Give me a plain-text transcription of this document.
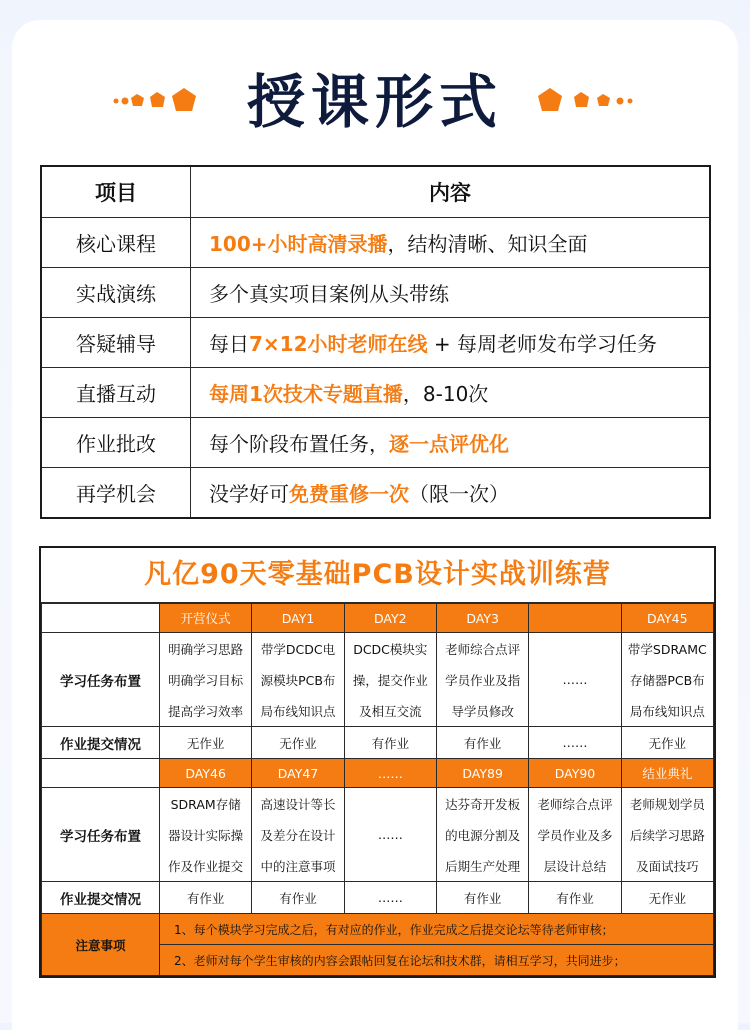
授课形式
项目	内容
核心课程	100+小时高清录播，结构清晰、知识全面
实战演练	多个真实项目案例从头带练
答疑辅导	每日7×12小时老师在线 + 每周老师发布学习任务
直播互动	每周1次技术专题直播，8-10次
作业批改	每个阶段布置任务，逐一点评优化
再学机会	没学好可免费重修一次（限一次）
凡亿90天零基础PCB设计实战训练营
	开营仪式	DAY1	DAY2	DAY3		DAY45
学习任务布置	明确学习思路	带学DCDC电	DCDC模块实	老师综合点评	……	带学SDRAMC
	明确学习目标	源模块PCB布	操，提交作业	学员作业及指		存储器PCB布
	提高学习效率	局布线知识点	及相互交流	导学员修改		局布线知识点
作业提交情况	无作业	无作业	有作业	有作业	……	无作业
	DAY46	DAY47	……	DAY89	DAY90	结业典礼
学习任务布置	SDRAM存储	高速设计等长	……	达芬奇开发板	老师综合点评	老师规划学员
	器设计实际操	及差分在设计		的电源分割及	学员作业及多	后续学习思路
	作及作业提交	中的注意事项		后期生产处理	层设计总结	及面试技巧
作业提交情况	有作业	有作业	……	有作业	有作业	无作业
注意事项	1、每个模块学习完成之后，有对应的作业，作业完成之后提交论坛等待老师审核；					
	2、老师对每个学生审核的内容会跟帖回复在论坛和技术群，请相互学习，共同进步；					
